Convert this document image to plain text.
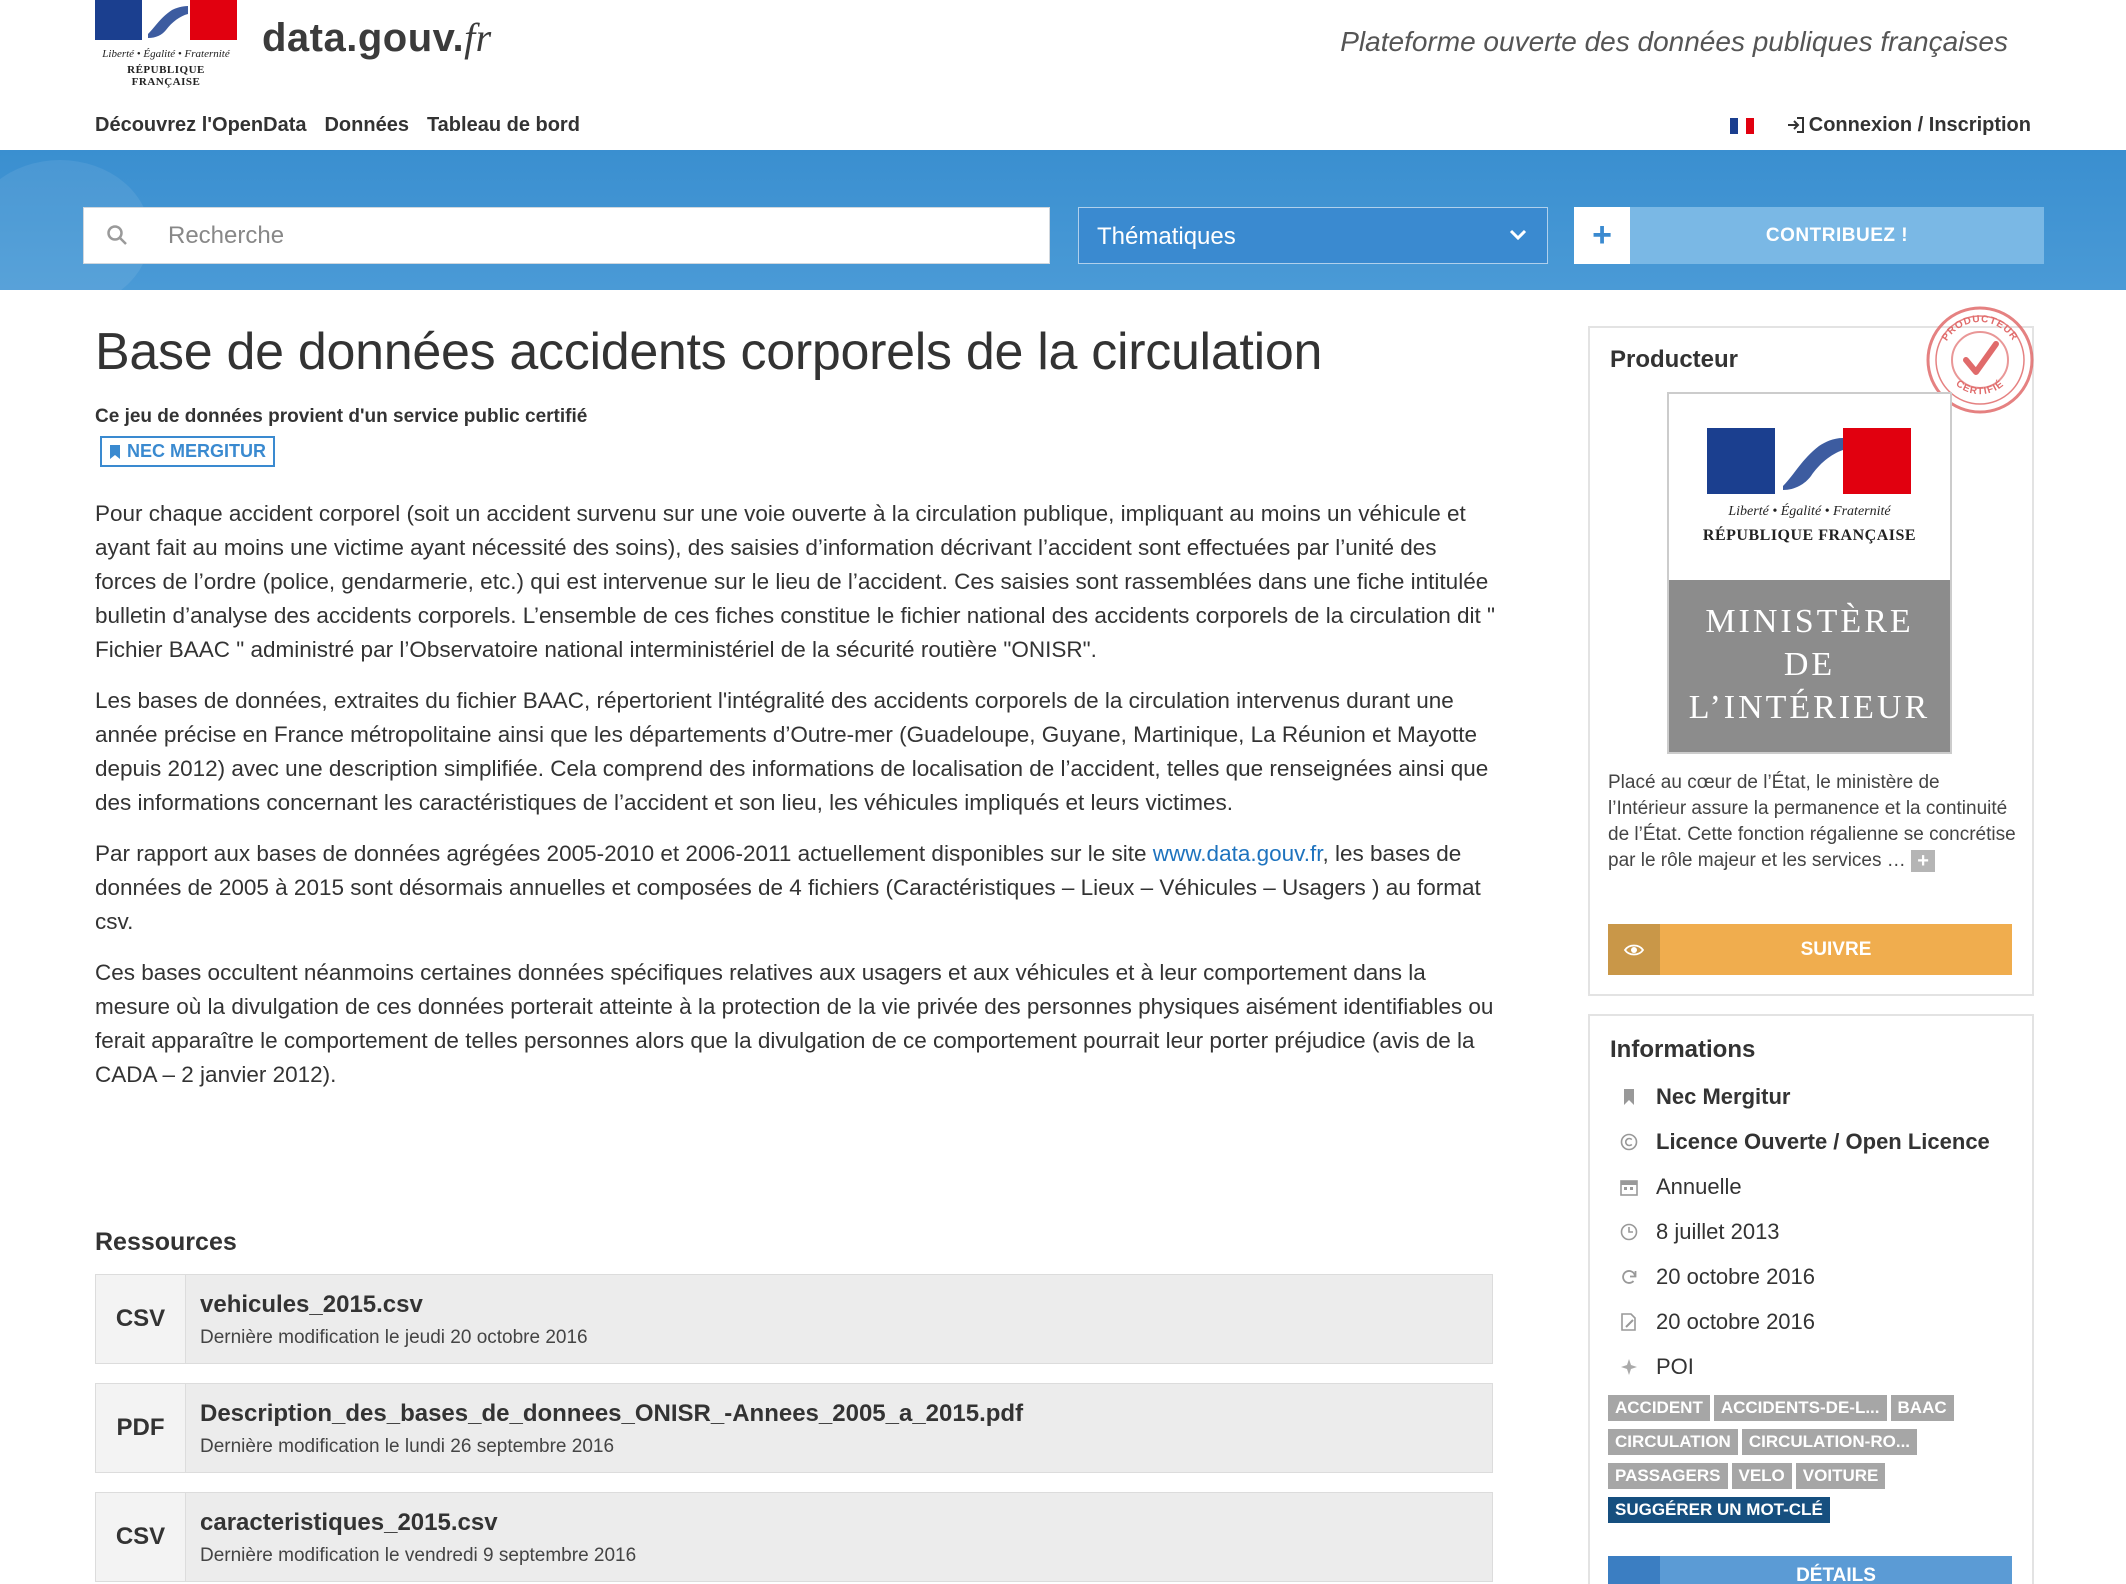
Liberté • Égalité • Fraternité
RÉPUBLIQUE FRANÇAISE
data.gouv.fr	Plateforme ouverte des données publiques françaises
Découvrez l'OpenData Données Tableau de bord	Connexion / Inscription
Recherche
Thématiques	+	CONTRIBUEZ !
Base de données accidents corporels de la circulation
Ce jeu de données provient d'un service public certifié
NEC MERGITUR

Pour chaque accident corporel (soit un accident survenu sur une voie ouverte à la circulation publique, impliquant au moins un véhicule et ayant fait au moins une victime ayant nécessité des soins), des saisies d’information décrivant l’accident sont effectuées par l’unité des forces de l’ordre (police, gendarmerie, etc.) qui est intervenue sur le lieu de l’accident. Ces saisies sont rassemblées dans une fiche intitulée bulletin d’analyse des accidents corporels. L’ensemble de ces fiches constitue le fichier national des accidents corporels de la circulation dit " Fichier BAAC " administré par l’Observatoire national interministériel de la sécurité routière "ONISR".

Les bases de données, extraites du fichier BAAC, répertorient l'intégralité des accidents corporels de la circulation intervenus durant une année précise en France métropolitaine ainsi que les départements d’Outre-mer (Guadeloupe, Guyane, Martinique, La Réunion et Mayotte depuis 2012) avec une description simplifiée. Cela comprend des informations de localisation de l’accident, telles que renseignées ainsi que des informations concernant les caractéristiques de l’accident et son lieu, les véhicules impliqués et leurs victimes.

Par rapport aux bases de données agrégées 2005-2010 et 2006-2011 actuellement disponibles sur le site www.data.gouv.fr, les bases de données de 2005 à 2015 sont désormais annuelles et composées de 4 fichiers (Caractéristiques – Lieux – Véhicules – Usagers ) au format csv.

Ces bases occultent néanmoins certaines données spécifiques relatives aux usagers et aux véhicules et à leur comportement dans la mesure où la divulgation de ces données porterait atteinte à la protection de la vie privée des personnes physiques aisément identifiables ou ferait apparaître le comportement de telles personnes alors que la divulgation de ce comportement pourrait leur porter préjudice (avis de la CADA – 2 janvier 2012).

Ressources
CSV
vehicules_2015.csv
Dernière modification le jeudi 20 octobre 2016
PDF
Description_des_bases_de_donnees_ONISR_-Annees_2005_a_2015.pdf
Dernière modification le lundi 26 septembre 2016
CSV
caracteristiques_2015.csv
Dernière modification le vendredi 9 septembre 2016
Producteur
PRODUCTEUR
CERTIFIÉ
Liberté • Égalité • Fraternité
RÉPUBLIQUE FRANÇAISE
MINISTÈRE
DE
L’INTÉRIEUR
Placé au cœur de l’État, le ministère de l’Intérieur assure la permanence et la continuité de l’État. Cette fonction régalienne se concrétise par le rôle majeur et les services … +
SUIVRE
Informations
Nec Mergitur
Licence Ouverte / Open Licence
Annuelle
8 juillet 2013
20 octobre 2016
20 octobre 2016
POI
ACCIDENT ACCIDENTS-DE-L... BAAC
CIRCULATION CIRCULATION-RO...
PASSAGERS VELO VOITURE
SUGGÉRER UN MOT-CLÉ
DÉTAILS
